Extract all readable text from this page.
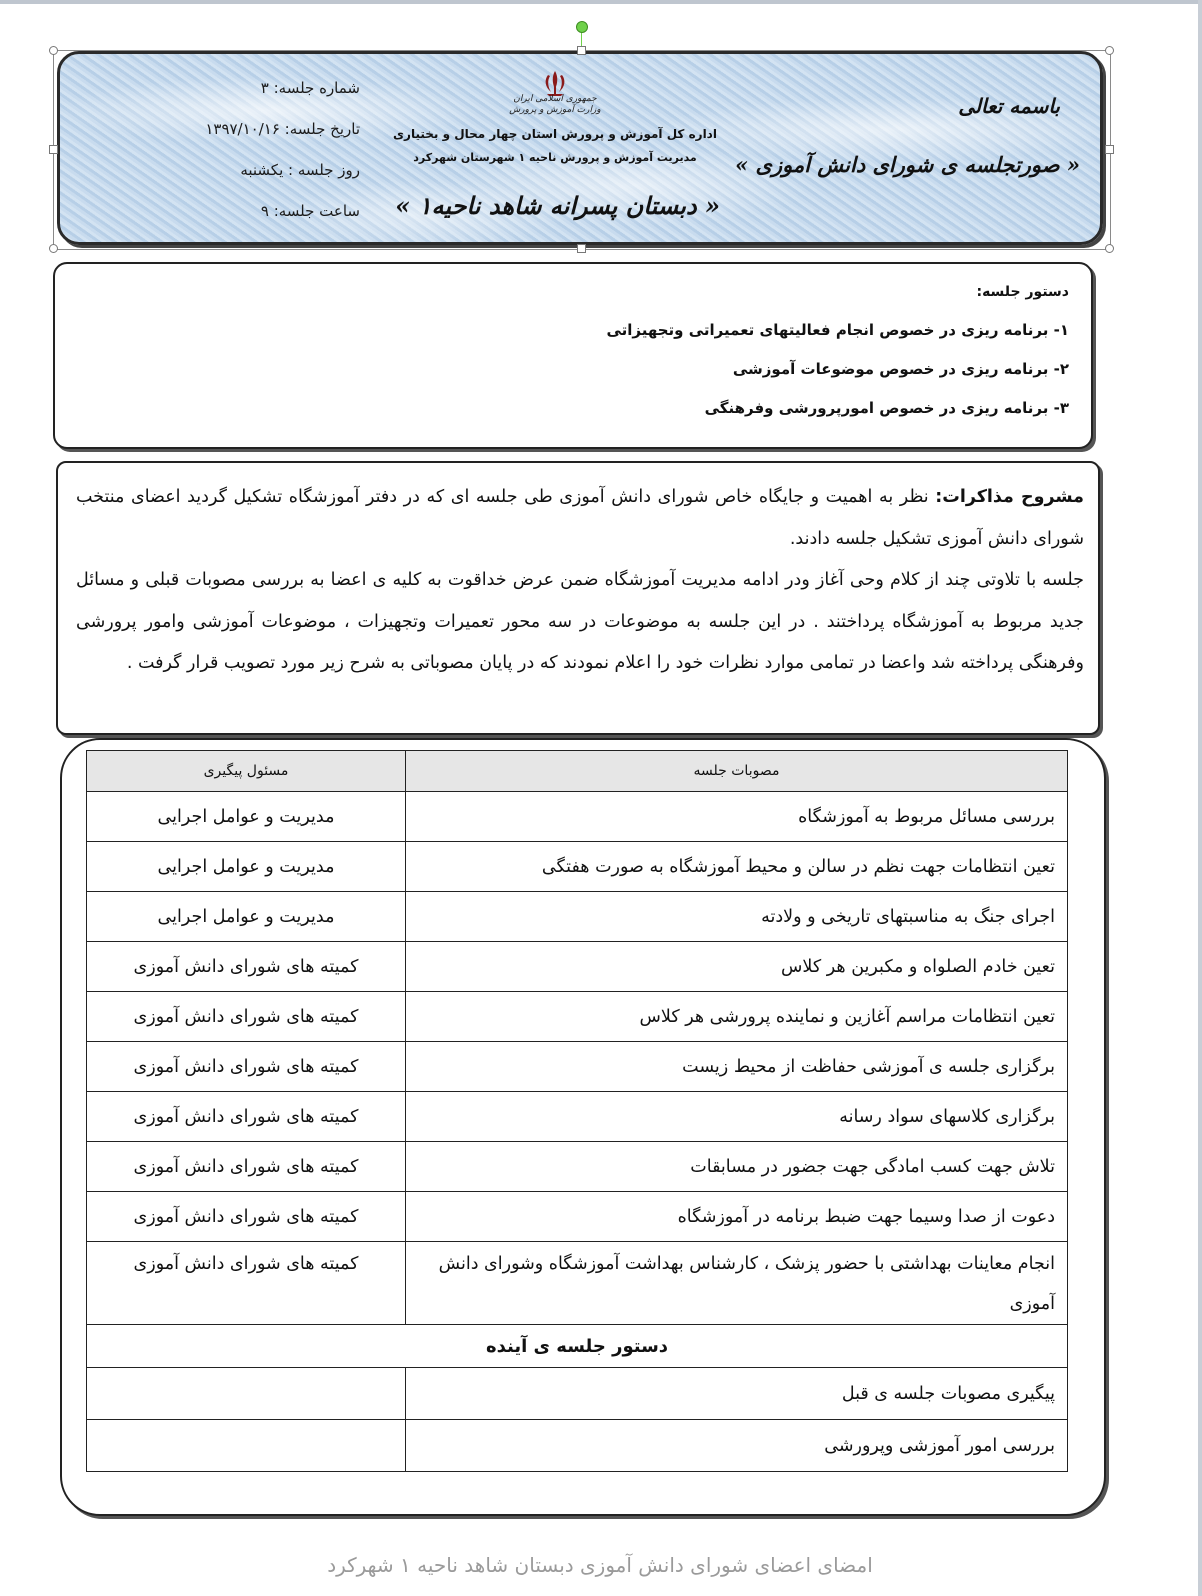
شماره جلسه: ۳
تاریخ جلسه: ۱۳۹۷/۱۰/۱۶
روز جلسه : یکشنبه
ساعت جلسه: ۹
جمهوری اسلامی ایران وزارت آموزش و پرورش
اداره کل آموزش و پرورش استان چهار محال و بختیاری
مدیریت آموزش و پرورش ناحیه ۱ شهرستان شهرکرد
« دبستان پسرانه شاهد ناحیه۱ »
باسمه تعالی
« صورتجلسه ی شورای دانش آموزی »
دستور جلسه:
۱- برنامه ریزی در خصوص انجام فعالیتهای تعمیراتی وتجهیزاتی
۲- برنامه ریزی در خصوص موضوعات آموزشی
۳- برنامه ریزی در خصوص امورپرورشی وفرهنگی
مشروح مذاکرات: نظر به اهمیت و جایگاه خاص شورای دانش آموزی طی جلسه ای که در دفتر آموزشگاه تشکیل گردید اعضای منتخب شورای دانش آموزی تشکیل جلسه دادند.
جلسه با تلاوتی چند از کلام وحی آغاز ودر ادامه مدیریت آموزشگاه ضمن عرض خداقوت به کلیه ی اعضا به بررسی مصوبات قبلی و مسائل جدید مربوط به آموزشگاه پرداختند . در این جلسه به موضوعات در سه محور تعمیرات وتجهیزات ، موضوعات آموزشی وامور پرورشی وفرهنگی پرداخته شد واعضا در تمامی موارد نظرات خود را اعلام نمودند که در پایان مصوباتی به شرح زیر مورد تصویب قرار گرفت .
مصوبات جلسه	مسئول پیگیری
بررسی مسائل مربوط به آموزشگاه	مدیریت و عوامل اجرایی
تعین انتظامات جهت نظم در سالن و محیط آموزشگاه به صورت هفتگی	مدیریت و عوامل اجرایی
اجرای جنگ به مناسبتهای تاریخی و ولادته	مدیریت و عوامل اجرایی
تعین خادم الصلواه و مکبرین هر کلاس	کمیته های شورای دانش آموزی
تعین انتظامات مراسم آغازین و نماینده پرورشی هر کلاس	کمیته های شورای دانش آموزی
برگزاری جلسه ی آموزشی حفاظت از محیط زیست	کمیته های شورای دانش آموزی
برگزاری کلاسهای سواد رسانه	کمیته های شورای دانش آموزی
تلاش جهت کسب امادگی جهت جضور در مسابقات	کمیته های شورای دانش آموزی
دعوت از صدا وسیما جهت ضبط برنامه در آموزشگاه	کمیته های شورای دانش آموزی
انجام معاینات بهداشتی با حضور پزشک ، کارشناس بهداشت آموزشگاه وشورای دانش آموزی	کمیته های شورای دانش آموزی
دستور جلسه ی آینده	
پیگیری مصوبات جلسه ی قبل	
بررسی امور آموزشی وپرورشی	
امضای اعضای شورای دانش آموزی دبستان شاهد ناحیه ۱ شهرکرد
